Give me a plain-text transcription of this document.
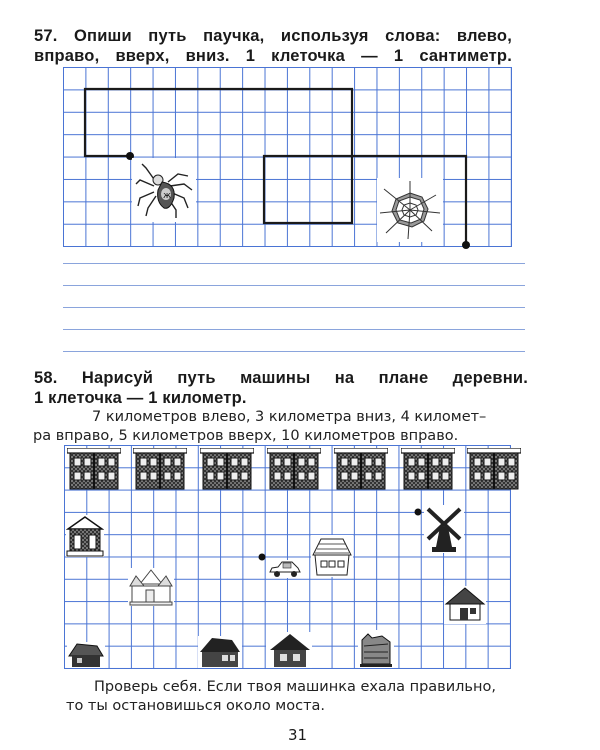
57. Опиши путь паучка, используя слова: влево,
вправо, вверх, вниз. 1 клеточка — 1 сантиметр.
ж
58. Нарисуй путь машины на плане деревни.
1 клеточка — 1 километр.
7 километров влево, 3 километра вниз, 4 километ–
ра вправо, 5 километров вверх, 10 километров вправо.
Проверь себя. Если твоя машинка ехала правильно,
то ты остановишься около моста.
31
